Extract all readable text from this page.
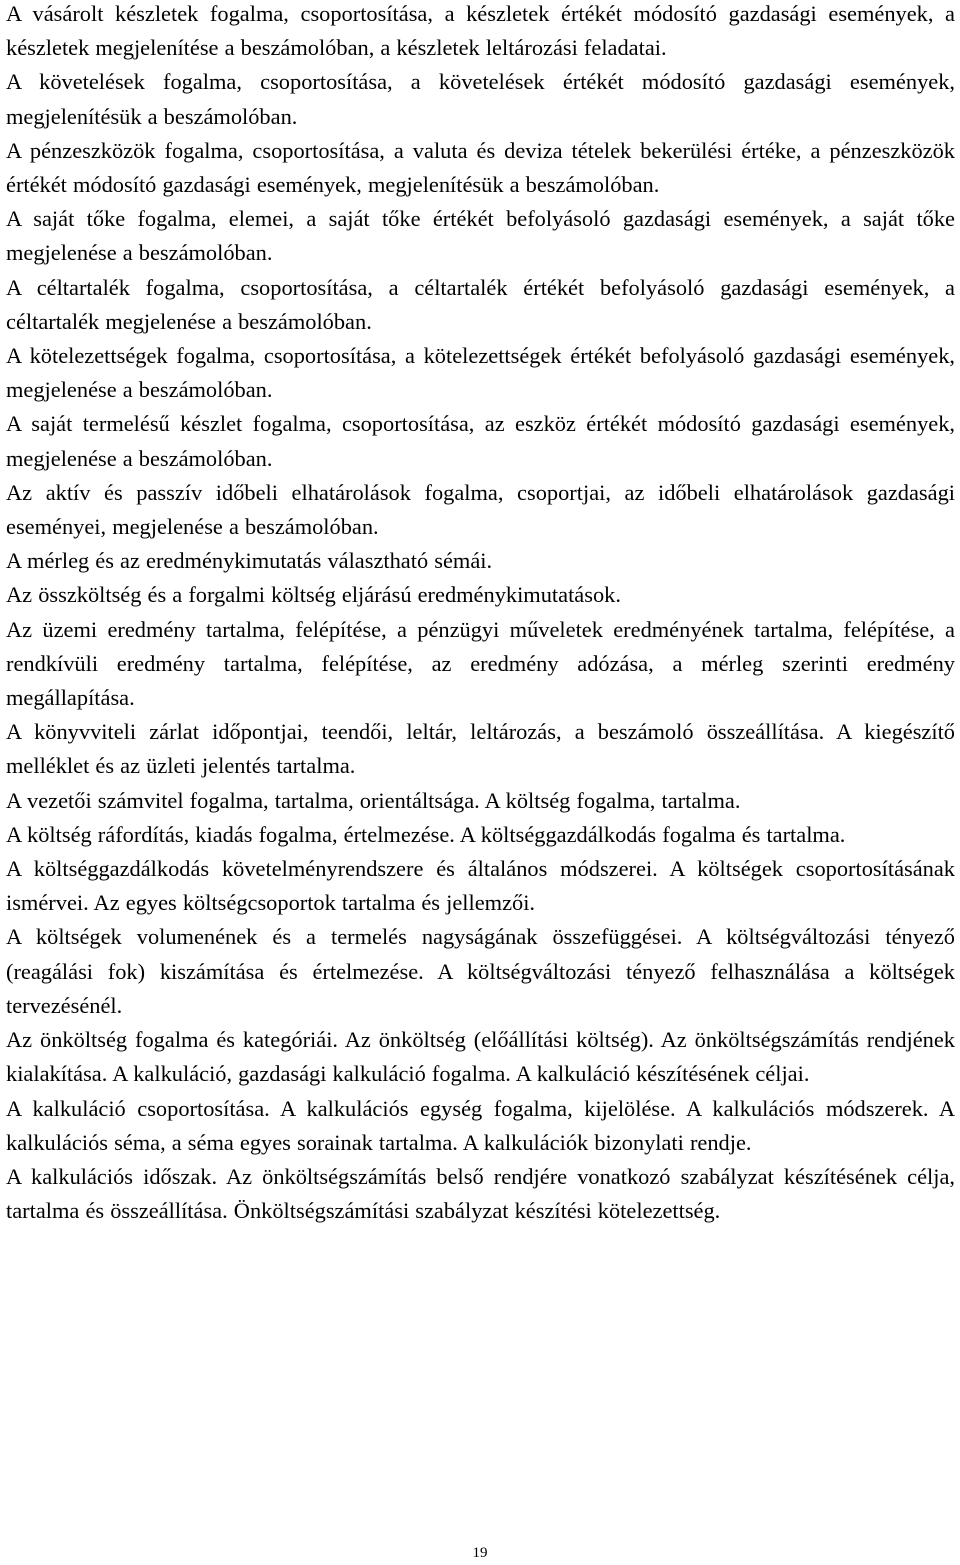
A vásárolt készletek fogalma, csoportosítása, a készletek értékét módosító gazdasági események, a készletek megjelenítése a beszámolóban, a készletek leltározási feladatai.

A követelések fogalma, csoportosítása, a követelések értékét módosító gazdasági események, megjelenítésük a beszámolóban.

A pénzeszközök fogalma, csoportosítása, a valuta és deviza tételek bekerülési értéke, a pénzeszközök értékét módosító gazdasági események, megjelenítésük a beszámolóban.

A saját tőke fogalma, elemei, a saját tőke értékét befolyásoló gazdasági események, a saját tőke megjelenése a beszámolóban.

A céltartalék fogalma, csoportosítása, a céltartalék értékét befolyásoló gazdasági események, a céltartalék megjelenése a beszámolóban.

A kötelezettségek fogalma, csoportosítása, a kötelezettségek értékét befolyásoló gazdasági események, megjelenése a beszámolóban.

A saját termelésű készlet fogalma, csoportosítása, az eszköz értékét módosító gazdasági események, megjelenése a beszámolóban.

Az aktív és passzív időbeli elhatárolások fogalma, csoportjai, az időbeli elhatárolások gazdasági eseményei, megjelenése a beszámolóban.

A mérleg és az eredménykimutatás választható sémái.

Az összköltség és a forgalmi költség eljárású eredménykimutatások.

Az üzemi eredmény tartalma, felépítése, a pénzügyi műveletek eredményének tartalma, felépítése, a rendkívüli eredmény tartalma, felépítése, az eredmény adózása, a mérleg szerinti eredmény megállapítása.

A könyvviteli zárlat időpontjai, teendői, leltár, leltározás, a beszámoló összeállítása. A kiegészítő melléklet és az üzleti jelentés tartalma.

A vezetői számvitel fogalma, tartalma, orientáltsága. A költség fogalma, tartalma.

A költség ráfordítás, kiadás fogalma, értelmezése. A költséggazdálkodás fogalma és tartalma.

A költséggazdálkodás követelményrendszere és általános módszerei. A költségek csoportosításának ismérvei. Az egyes költségcsoportok tartalma és jellemzői.

A költségek volumenének és a termelés nagyságának összefüggései. A költségváltozási tényező (reagálási fok) kiszámítása és értelmezése. A költségváltozási tényező felhasználása a költségek tervezésénél.

Az önköltség fogalma és kategóriái. Az önköltség (előállítási költség). Az önköltségszámítás rendjének kialakítása. A kalkuláció, gazdasági kalkuláció fogalma. A kalkuláció készítésének céljai.

A kalkuláció csoportosítása. A kalkulációs egység fogalma, kijelölése. A kalkulációs módszerek. A kalkulációs séma, a séma egyes sorainak tartalma. A kalkulációk bizonylati rendje.

A kalkulációs időszak. Az önköltségszámítás belső rendjére vonatkozó szabályzat készítésének célja, tartalma és összeállítása. Önköltségszámítási szabályzat készítési kötelezettség.

19
